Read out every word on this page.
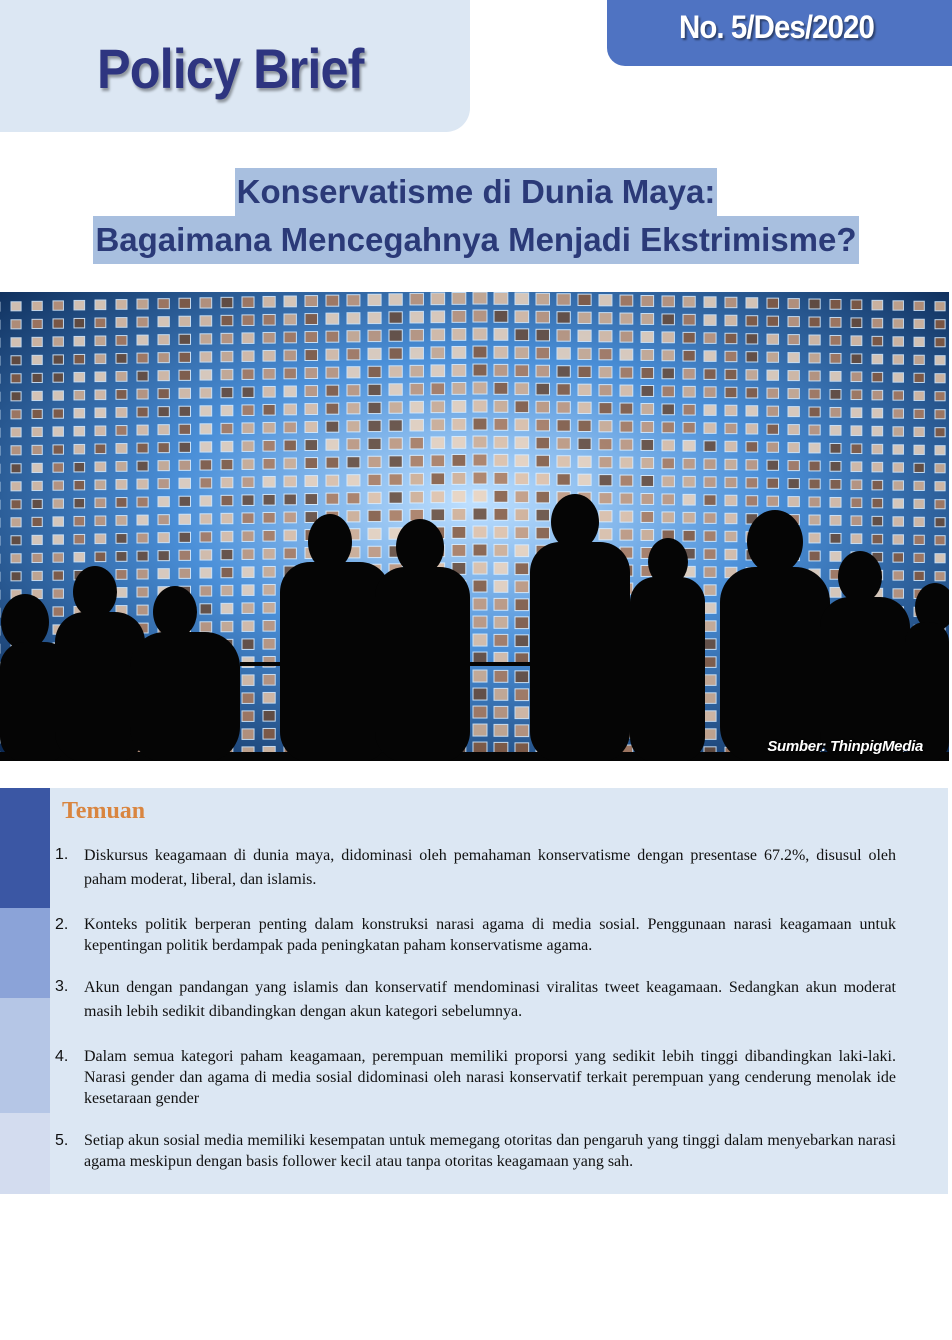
Policy Brief
No. 5/Des/2020
Konservatisme di Dunia Maya:
Bagaimana Mencegahnya Menjadi Ekstrimisme?
Sumber: ThinpigMedia
Temuan
1. Diskursus keagamaan di dunia maya, didominasi oleh pemahaman konservatisme dengan presentase 67.2%, disusul oleh paham moderat, liberal, dan islamis.
2. Konteks politik berperan penting dalam konstruksi narasi agama di media sosial. Penggunaan narasi keagamaan untuk kepentingan politik berdampak pada peningkatan paham konservatisme agama.
3. Akun dengan pandangan yang islamis dan konservatif mendominasi viralitas tweet keagamaan. Sedangkan akun moderat masih lebih sedikit dibandingkan dengan akun kategori sebelumnya.
4. Dalam semua kategori paham keagamaan, perempuan memiliki proporsi yang sedikit lebih tinggi dibandingkan laki-laki. Narasi gender dan agama di media sosial didominasi oleh narasi konservatif terkait perempuan yang cenderung menolak ide kesetaraan gender
5. Setiap akun sosial media memiliki kesempatan untuk memegang otoritas dan pengaruh yang tinggi dalam menyebarkan narasi agama meskipun dengan basis follower kecil atau tanpa otoritas keagamaan yang sah.
